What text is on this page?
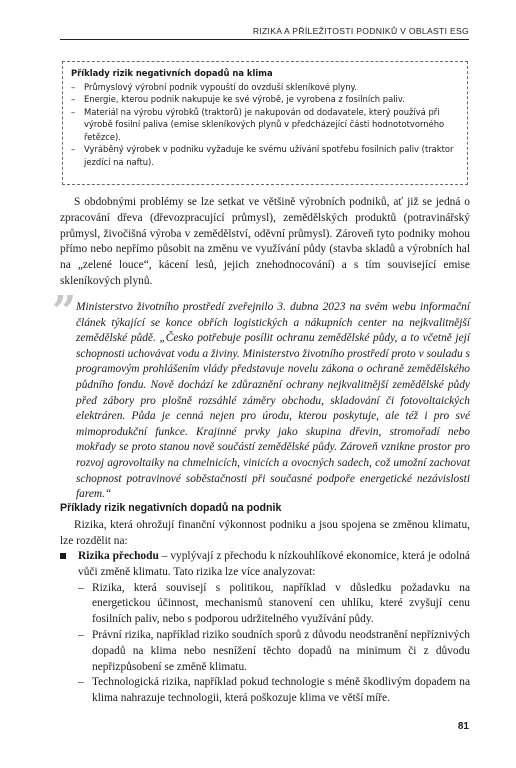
RIZIKA A PŘÍLEŽITOSTI PODNIKŮ V OBLASTI ESG
Příklady rizik negativních dopadů na klima
– Průmyslový výrobní podnik vypouští do ovzduší skleníkové plyny.
– Energie, kterou podnik nakupuje ke své výrobě, je vyrobena z fosilních paliv.
– Materiál na výrobu výrobků (traktorů) je nakupován od dodavatele, který používá při výrobě fosilní paliva (emise skleníkových plynů v předcházející části hodnototvorného řetězce).
– Vyráběný výrobek v podniku vyžaduje ke svému užívání spotřebu fosilních paliv (traktor jezdící na naftu).

S obdobnými problémy se lze setkat ve většině výrobních podniků, ať již se jedná o zpracování dřeva (dřevozpracující průmysl), zemědělských produktů (potravinářský průmysl, živočišná výroba v zemědělství, oděvní průmysl). Zároveň tyto podniky mohou přímo nebo nepřímo působit na změnu ve využívání půdy (stavba skladů a výrobních hal na „zelené louce“, kácení lesů, jejich znehodnocování) a s tím související emise skleníkových plynů.

” Ministerstvo životního prostředí zveřejnilo 3. dubna 2023 na svém webu informační článek týkající se konce obřích logistických a nákupních center na nejkvalitnější zemědělské půdě. „Česko potřebuje posílit ochranu zemědělské půdy, a to včetně její schopnosti uchovávat vodu a živiny. Ministerstvo životního prostředí proto v souladu s programovým prohlášením vlády představuje novelu zákona o ochraně zemědělského půdního fondu. Nově dochází ke zdůraznění ochrany nejkvalitnější zemědělské půdy před zábory pro plošně rozsáhlé záměry obchodu, skladování či fotovoltaických elektráren. Půda je cenná nejen pro úrodu, kterou poskytuje, ale též i pro své mimoprodukční funkce. Krajinné prvky jako skupina dřevin, stromořadí nebo mokřady se proto stanou nově součástí zemědělské půdy. Zároveň vznikne prostor pro rozvoj agrovoltaiky na chmelnicích, vinicích a ovocných sadech, což umožní zachovat schopnost potravinové soběstačnosti při současné podpoře energetické nezávislosti farem.“

Příklady rizik negativních dopadů na podnik

Rizika, která ohrožují finanční výkonnost podniku a jsou spojena se změnou klimatu, lze rozdělit na:

Rizika přechodu – vyplývají z přechodu k nízkouhlíkové ekonomice, která je odolná vůči změně klimatu. Tato rizika lze více analyzovat:

– Rizika, která souvisejí s politikou, například v důsledku požadavku na energetickou účinnost, mechanismů stanovení cen uhlíku, které zvyšují cenu fosilních paliv, nebo s podporou udržitelného využívání půdy.
– Právní rizika, například riziko soudních sporů z důvodu neodstranění nepříznivých dopadů na klima nebo nesnížení těchto dopadů na minimum či z důvodu nepřizpůsobení se změně klimatu.
– Technologická rizika, například pokud technologie s méně škodlivým dopadem na klima nahrazuje technologii, která poškozuje klima ve větší míře.
81
